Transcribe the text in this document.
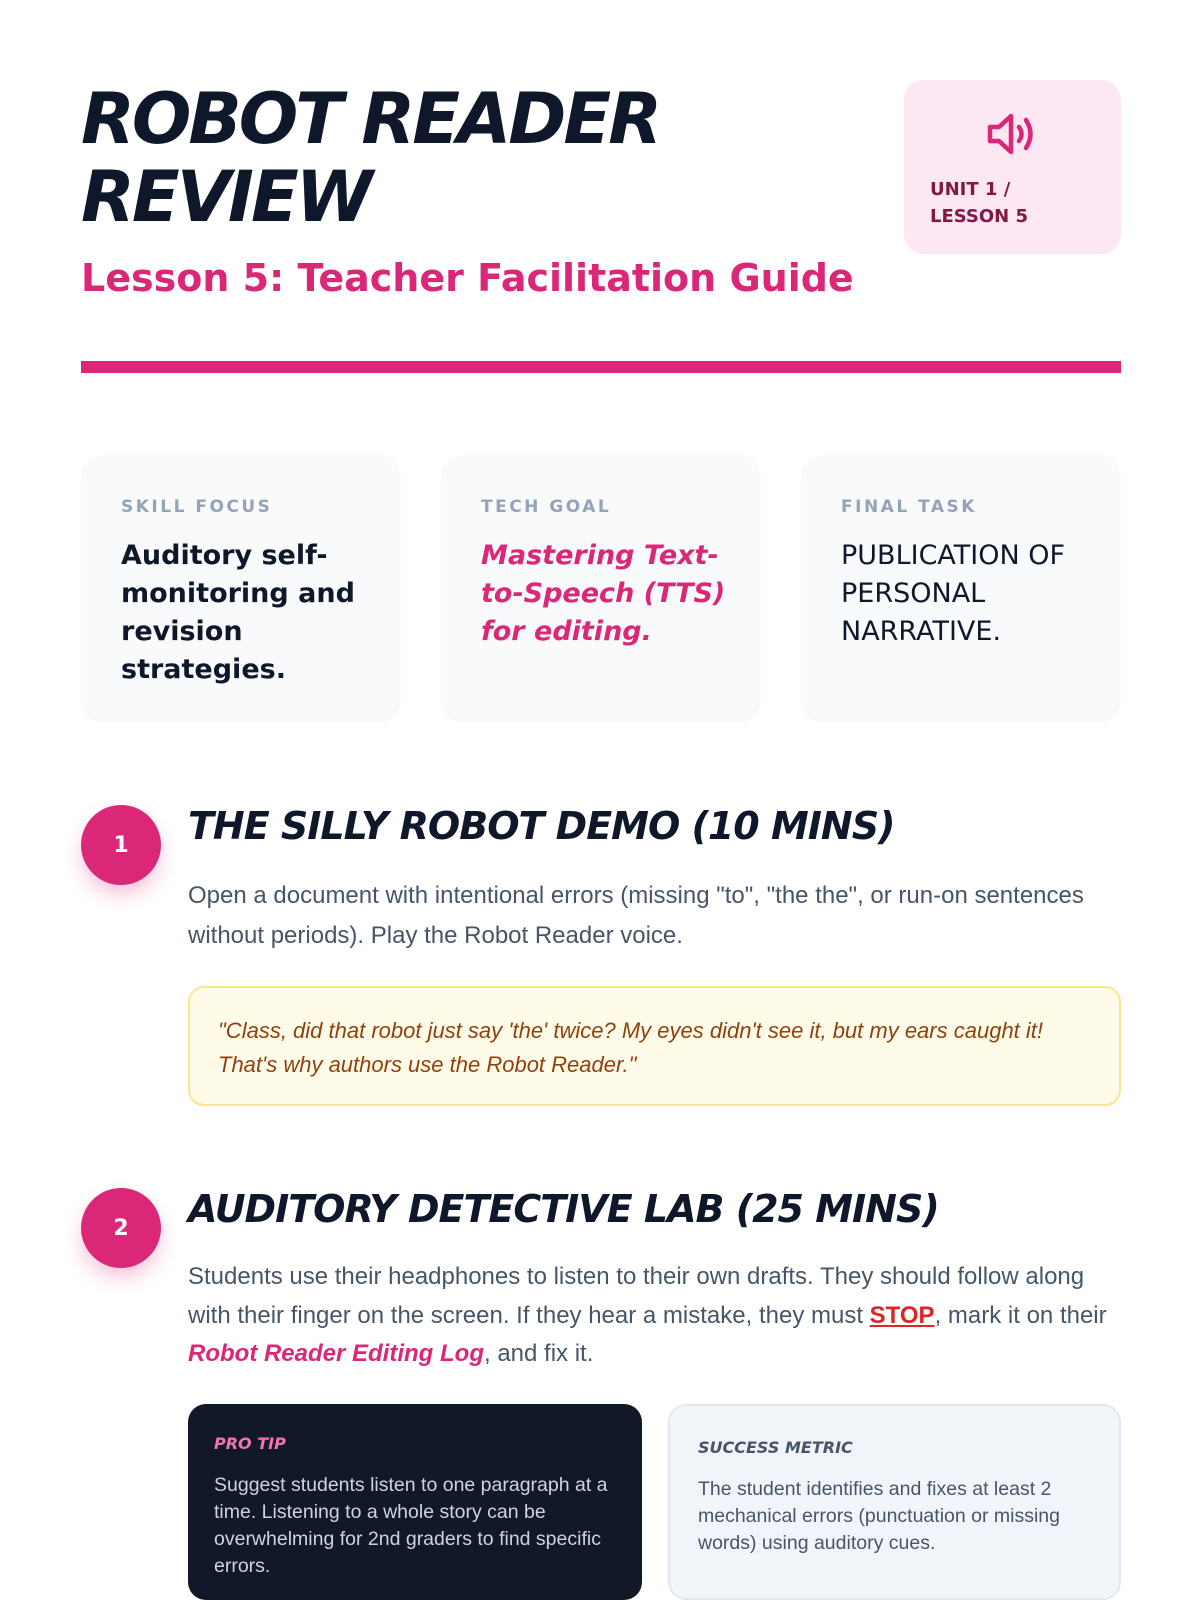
ROBOT READER
REVIEW
Lesson 5: Teacher Facilitation Guide
UNIT 1 /
LESSON 5
SKILL FOCUS
Auditory self-monitoring and revision strategies.
TECH GOAL
Mastering Text-to-Speech (TTS) for editing.
FINAL TASK
PUBLICATION OF PERSONAL NARRATIVE.
1	THE SILLY ROBOT DEMO (10 MINS)
Open a document with intentional errors (missing "to", "the the", or run-on sentences without periods). Play the Robot Reader voice.
"Class, did that robot just say 'the' twice? My eyes didn't see it, but my ears caught it! That's why authors use the Robot Reader."
2	AUDITORY DETECTIVE LAB (25 MINS)
Students use their headphones to listen to their own drafts. They should follow along with their finger on the screen. If they hear a mistake, they must STOP, mark it on their Robot Reader Editing Log, and fix it.
PRO TIP
Suggest students listen to one paragraph at a time. Listening to a whole story can be overwhelming for 2nd graders to find specific errors.
SUCCESS METRIC
The student identifies and fixes at least 2 mechanical errors (punctuation or missing words) using auditory cues.
